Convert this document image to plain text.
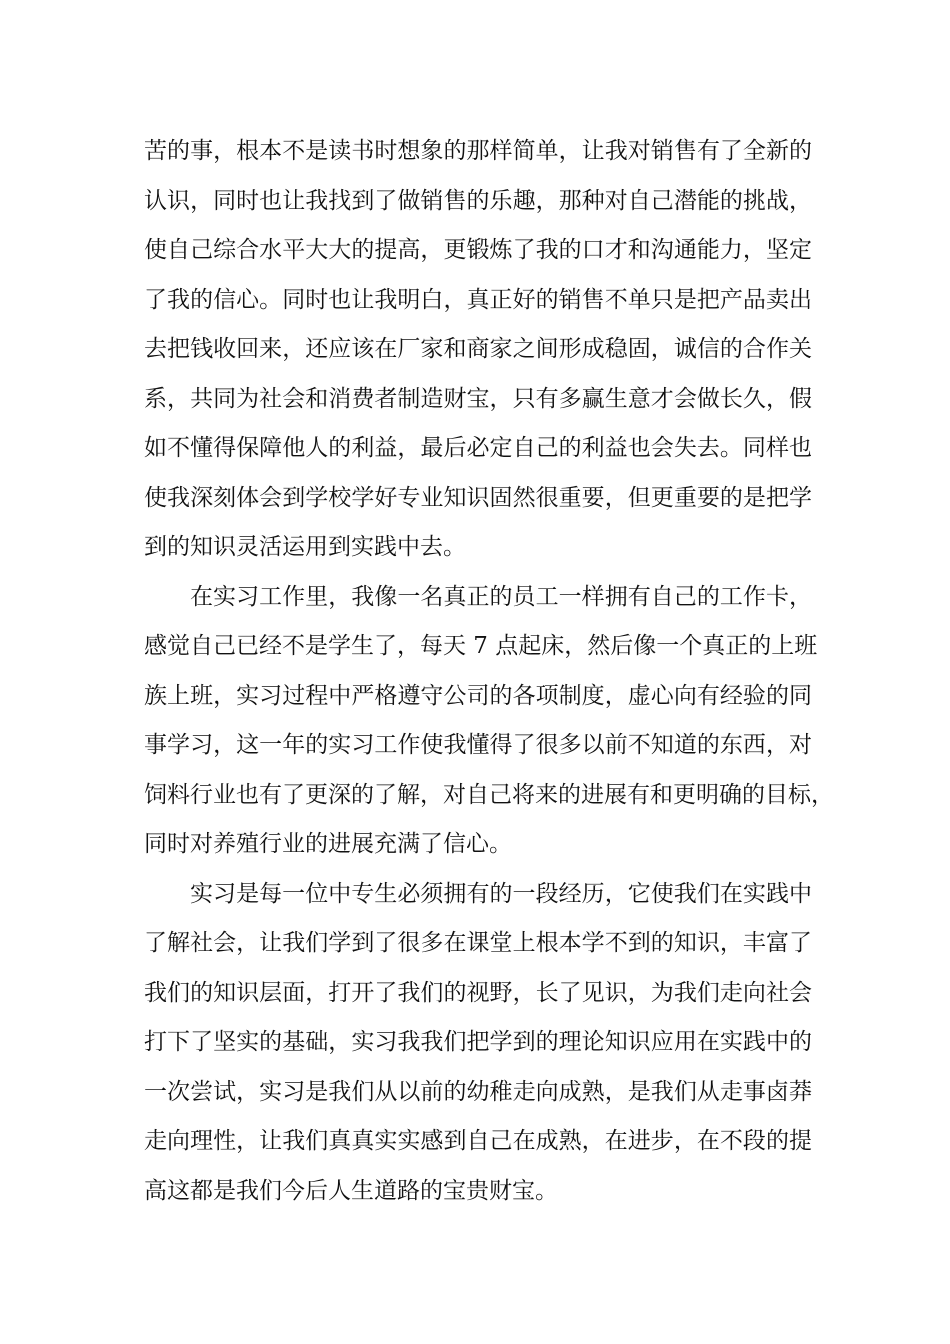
苦的事，根本不是读书时想象的那样简单，让我对销售有了全新的
认识，同时也让我找到了做销售的乐趣，那种对自己潜能的挑战，
使自己综合水平大大的提高，更锻炼了我的口才和沟通能力，坚定
了我的信心。同时也让我明白，真正好的销售不单只是把产品卖出
去把钱收回来，还应该在厂家和商家之间形成稳固，诚信的合作关
系，共同为社会和消费者制造财宝，只有多赢生意才会做长久，假
如不懂得保障他人的利益，最后必定自己的利益也会失去。同样也
使我深刻体会到学校学好专业知识固然很重要，但更重要的是把学
到的知识灵活运用到实践中去。
在实习工作里，我像一名真正的员工一样拥有自己的工作卡，
感觉自己已经不是学生了，每天 7 点起床，然后像一个真正的上班
族上班，实习过程中严格遵守公司的各项制度，虚心向有经验的同
事学习，这一年的实习工作使我懂得了很多以前不知道的东西，对
饲料行业也有了更深的了解，对自己将来的进展有和更明确的目标，
同时对养殖行业的进展充满了信心。
实习是每一位中专生必须拥有的一段经历，它使我们在实践中
了解社会，让我们学到了很多在课堂上根本学不到的知识，丰富了
我们的知识层面，打开了我们的视野，长了见识，为我们走向社会
打下了坚实的基础，实习我我们把学到的理论知识应用在实践中的
一次尝试，实习是我们从以前的幼稚走向成熟，是我们从走事卤莽
走向理性，让我们真真实实感到自己在成熟，在进步，在不段的提
高这都是我们今后人生道路的宝贵财宝。
